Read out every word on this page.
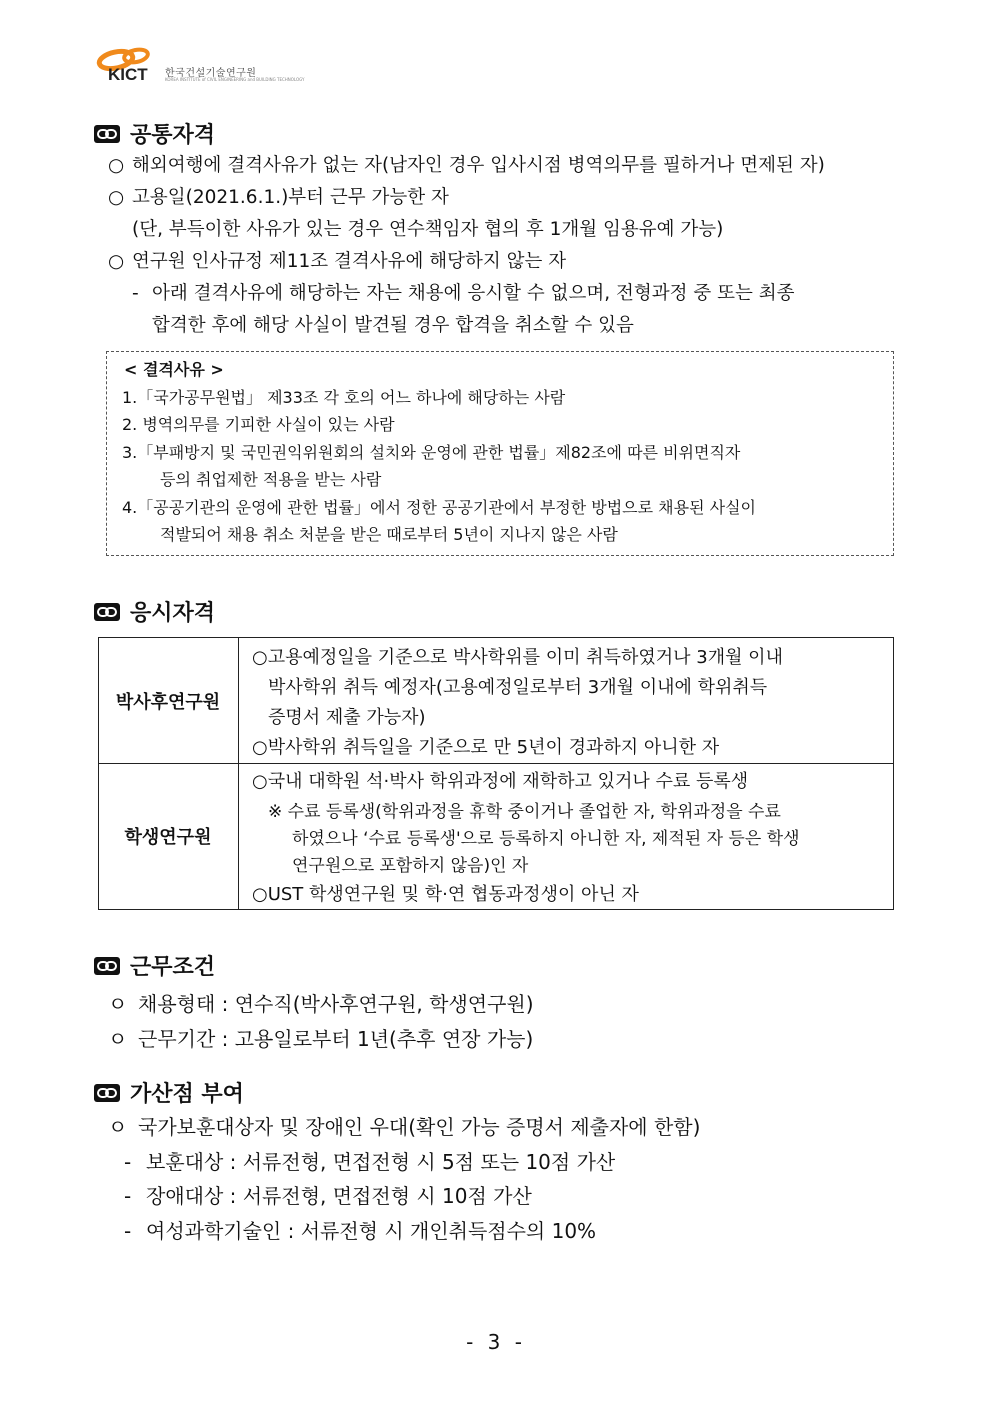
KICT 한국건설기술연구원
KOREA INSTITUTE of CIVIL ENGINEERING and BUILDING TECHNOLOGY
공통자격
○ 해외여행에 결격사유가 없는 자(남자인 경우 입사시점 병역의무를 필하거나 면제된 자)
○ 고용일(2021.6.1.)부터 근무 가능한 자
(단, 부득이한 사유가 있는 경우 연수책임자 협의 후 1개월 임용유예 가능)
○ 연구원 인사규정 제11조 결격사유에 해당하지 않는 자
- 아래 결격사유에 해당하는 자는 채용에 응시할 수 없으며, 전형과정 중 또는 최종
합격한 후에 해당 사실이 발견될 경우 합격을 취소할 수 있음
< 결격사유 >
1.「국가공무원법」 제33조 각 호의 어느 하나에 해당하는 사람
2. 병역의무를 기피한 사실이 있는 사람
3.「부패방지 및 국민권익위원회의 설치와 운영에 관한 법률」제82조에 따른 비위면직자
등의 취업제한 적용을 받는 사람
4.「공공기관의 운영에 관한 법률」에서 정한 공공기관에서 부정한 방법으로 채용된 사실이
적발되어 채용 취소 처분을 받은 때로부터 5년이 지나지 않은 사람
응시자격
박사후연구원
○고용예정일을 기준으로 박사학위를 이미 취득하였거나 3개월 이내
박사학위 취득 예정자(고용예정일로부터 3개월 이내에 학위취득
증명서 제출 가능자)
○박사학위 취득일을 기준으로 만 5년이 경과하지 아니한 자
학생연구원
○국내 대학원 석·박사 학위과정에 재학하고 있거나 수료 등록생
※ 수료 등록생(학위과정을 휴학 중이거나 졸업한 자, 학위과정을 수료
하였으나 ‘수료 등록생'으로 등록하지 아니한 자, 제적된 자 등은 학생
연구원으로 포함하지 않음)인 자
○UST 학생연구원 및 학·연 협동과정생이 아닌 자
근무조건
ㅇ 채용형태 : 연수직(박사후연구원, 학생연구원)
ㅇ 근무기간 : 고용일로부터 1년(추후 연장 가능)
가산점 부여
ㅇ 국가보훈대상자 및 장애인 우대(확인 가능 증명서 제출자에 한함)
- 보훈대상 : 서류전형, 면접전형 시 5점 또는 10점 가산
- 장애대상 : 서류전형, 면접전형 시 10점 가산
- 여성과학기술인 : 서류전형 시 개인취득점수의 10%
- 3 -
